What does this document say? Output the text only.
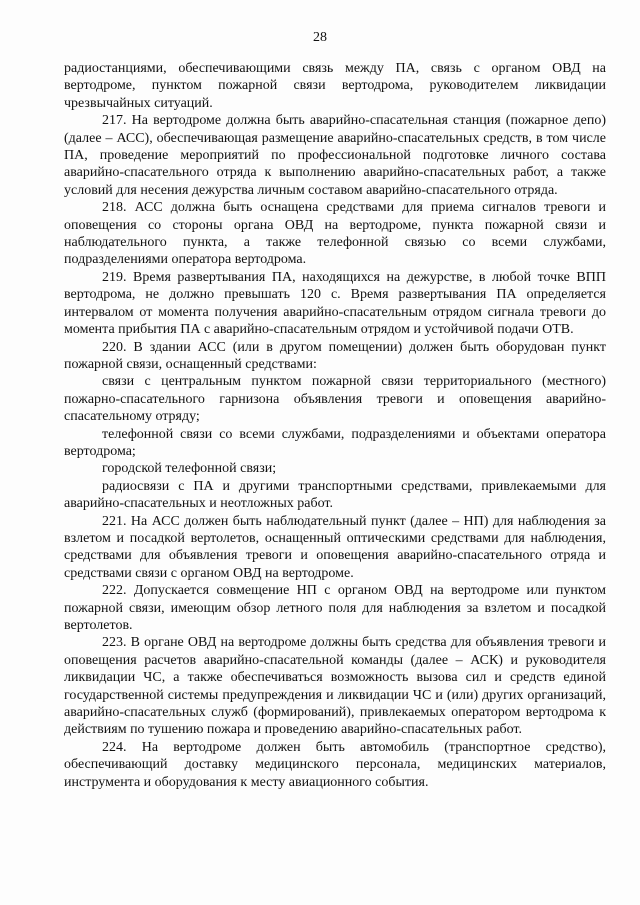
28

радиостанциями, обеспечивающими связь между ПА, связь с органом ОВД на вертодроме, пунктом пожарной связи вертодрома, руководителем ликвидации чрезвычайных ситуаций.

217. На вертодроме должна быть аварийно-спасательная станция (пожарное депо) (далее – АСС), обеспечивающая размещение аварийно-спасательных средств, в том числе ПА, проведение мероприятий по профессиональной подготовке личного состава аварийно-спасательного отряда к выполнению аварийно-спасательных работ, а также условий для несения дежурства личным составом аварийно-спасательного отряда.

218. АСС должна быть оснащена средствами для приема сигналов тревоги и оповещения со стороны органа ОВД на вертодроме, пункта пожарной связи и наблюдательного пункта, а также телефонной связью со всеми службами, подразделениями оператора вертодрома.

219. Время развертывания ПА, находящихся на дежурстве, в любой точке ВПП вертодрома, не должно превышать 120 с. Время развертывания ПА определяется интервалом от момента получения аварийно-спасательным отрядом сигнала тревоги до момента прибытия ПА с аварийно-спасательным отрядом и устойчивой подачи ОТВ.

220. В здании АСС (или в другом помещении) должен быть оборудован пункт пожарной связи, оснащенный средствами:

связи с центральным пунктом пожарной связи территориального (местного) пожарно-спасательного гарнизона объявления тревоги и оповещения аварийно-спасательному отряду;

телефонной связи со всеми службами, подразделениями и объектами оператора вертодрома;

городской телефонной связи;

радиосвязи с ПА и другими транспортными средствами, привлекаемыми для аварийно-спасательных и неотложных работ.

221. На АСС должен быть наблюдательный пункт (далее – НП) для наблюдения за взлетом и посадкой вертолетов, оснащенный оптическими средствами для наблюдения, средствами для объявления тревоги и оповещения аварийно-спасательного отряда и средствами связи с органом ОВД на вертодроме.

222. Допускается совмещение НП с органом ОВД на вертодроме или пунктом пожарной связи, имеющим обзор летного поля для наблюдения за взлетом и посадкой вертолетов.

223. В органе ОВД на вертодроме должны быть средства для объявления тревоги и оповещения расчетов аварийно-спасательной команды (далее – АСК) и руководителя ликвидации ЧС, а также обеспечиваться возможность вызова сил и средств единой государственной системы предупреждения и ликвидации ЧС и (или) других организаций, аварийно-спасательных служб (формирований), привлекаемых оператором вертодрома к действиям по тушению пожара и проведению аварийно-спасательных работ.

224. На вертодроме должен быть автомобиль (транспортное средство), обеспечивающий доставку медицинского персонала, медицинских материалов, инструмента и оборудования к месту авиационного события.
